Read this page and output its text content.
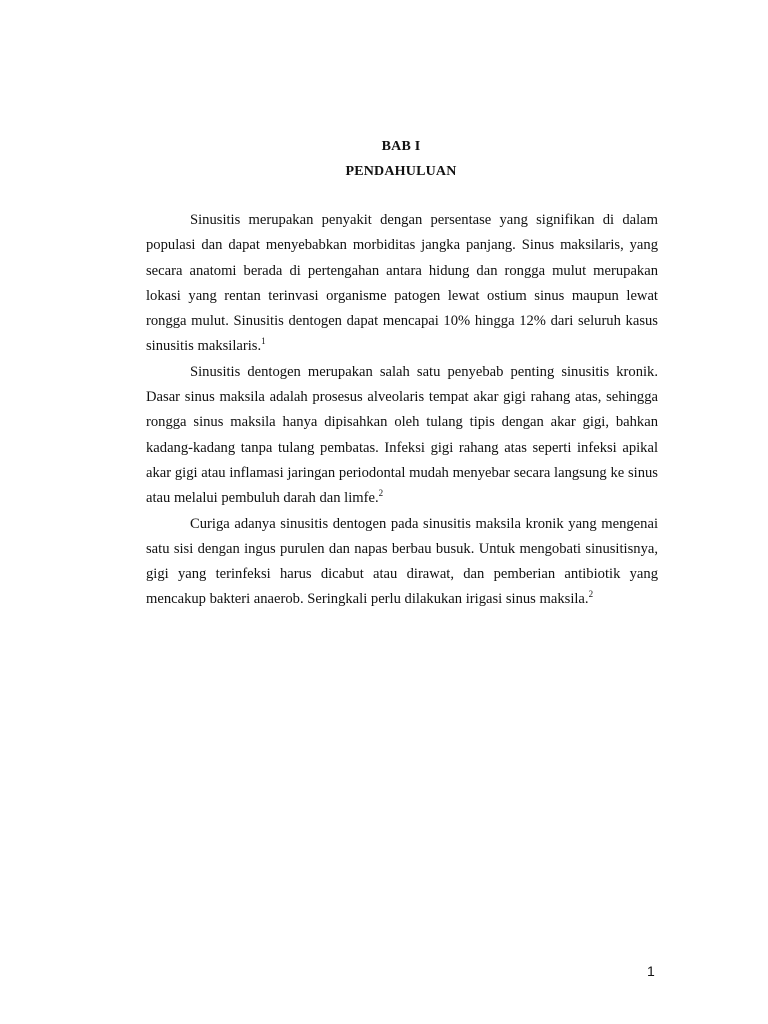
BAB I
PENDAHULUAN

Sinusitis merupakan penyakit dengan persentase yang signifikan di dalam populasi dan dapat menyebabkan morbiditas jangka panjang. Sinus maksilaris, yang secara anatomi berada di pertengahan antara hidung dan rongga mulut merupakan lokasi yang rentan terinvasi organisme patogen lewat ostium sinus maupun lewat rongga mulut. Sinusitis dentogen dapat mencapai 10% hingga 12% dari seluruh kasus sinusitis maksilaris.$^1$

Sinusitis dentogen merupakan salah satu penyebab penting sinusitis kronik. Dasar sinus maksila adalah prosesus alveolaris tempat akar gigi rahang atas, sehingga rongga sinus maksila hanya dipisahkan oleh tulang tipis dengan akar gigi, bahkan kadang-kadang tanpa tulang pembatas. Infeksi gigi rahang atas seperti infeksi apikal akar gigi atau inflamasi jaringan periodontal mudah menyebar secara langsung ke sinus atau melalui pembuluh darah dan limfe.$^2$

Curiga adanya sinusitis dentogen pada sinusitis maksila kronik yang mengenai satu sisi dengan ingus purulen dan napas berbau busuk. Untuk mengobati sinusitisnya, gigi yang terinfeksi harus dicabut atau dirawat, dan pemberian antibiotik yang mencakup bakteri anaerob. Seringkali perlu dilakukan irigasi sinus maksila.$^2$

1
